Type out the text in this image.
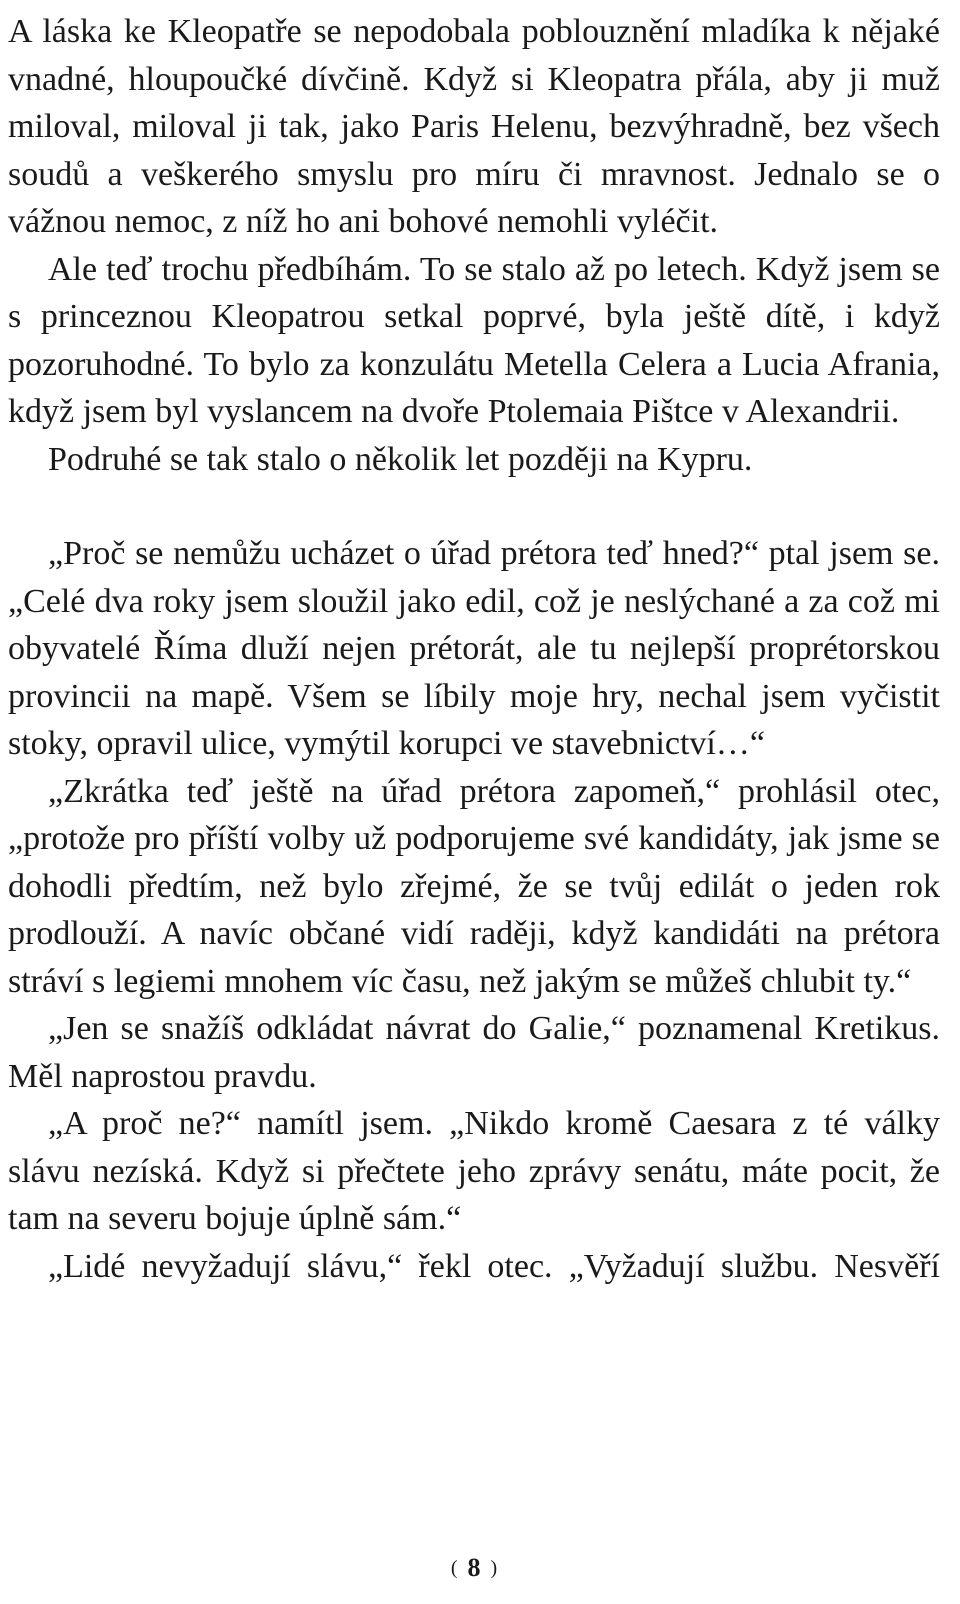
A láska ke Kleopatře se nepodobala poblouznění mladíka k nějaké vnadné, hloupoučké dívčině. Když si Kleopatra přála, aby ji muž miloval, miloval ji tak, jako Paris Helenu, bezvýhradně, bez všech soudů a veškerého smyslu pro míru či mravnost. Jednalo se o vážnou nemoc, z níž ho ani bohové nemohli vyléčit.

Ale teď trochu předbíhám. To se stalo až po letech. Když jsem se s princeznou Kleopatrou setkal poprvé, byla ještě dítě, i když pozoruhodné. To bylo za konzulátu Metella Celera a Lucia Afrania, když jsem byl vyslancem na dvoře Ptolemaia Pištce v Alexandrii.

Podruhé se tak stalo o několik let později na Kypru.

„Proč se nemůžu ucházet o úřad prétora teď hned?“ ptal jsem se. „Celé dva roky jsem sloužil jako edil, což je neslýchané a za což mi obyvatelé Říma dluží nejen prétorát, ale tu nejlepší proprétorskou provincii na mapě. Všem se líbily moje hry, nechal jsem vyčistit stoky, opravil ulice, vymýtil korupci ve stavebnictví…“

„Zkrátka teď ještě na úřad prétora zapomeň,“ prohlásil otec, „protože pro příští volby už podporujeme své kandidáty, jak jsme se dohodli předtím, než bylo zřejmé, že se tvůj edilát o jeden rok prodlouží. A navíc občané vidí raději, když kandidáti na prétora stráví s legiemi mnohem víc času, než jakým se můžeš chlubit ty.“

„Jen se snažíš odkládat návrat do Galie,“ poznamenal Kretikus. Měl naprostou pravdu.

„A proč ne?“ namítl jsem. „Nikdo kromě Caesara z té války slávu nezíská. Když si přečtete jeho zprávy senátu, máte pocit, že tam na severu bojuje úplně sám.“

„Lidé nevyžadují slávu,“ řekl otec. „Vyžadují službu. Nesvěří

( 8 )
